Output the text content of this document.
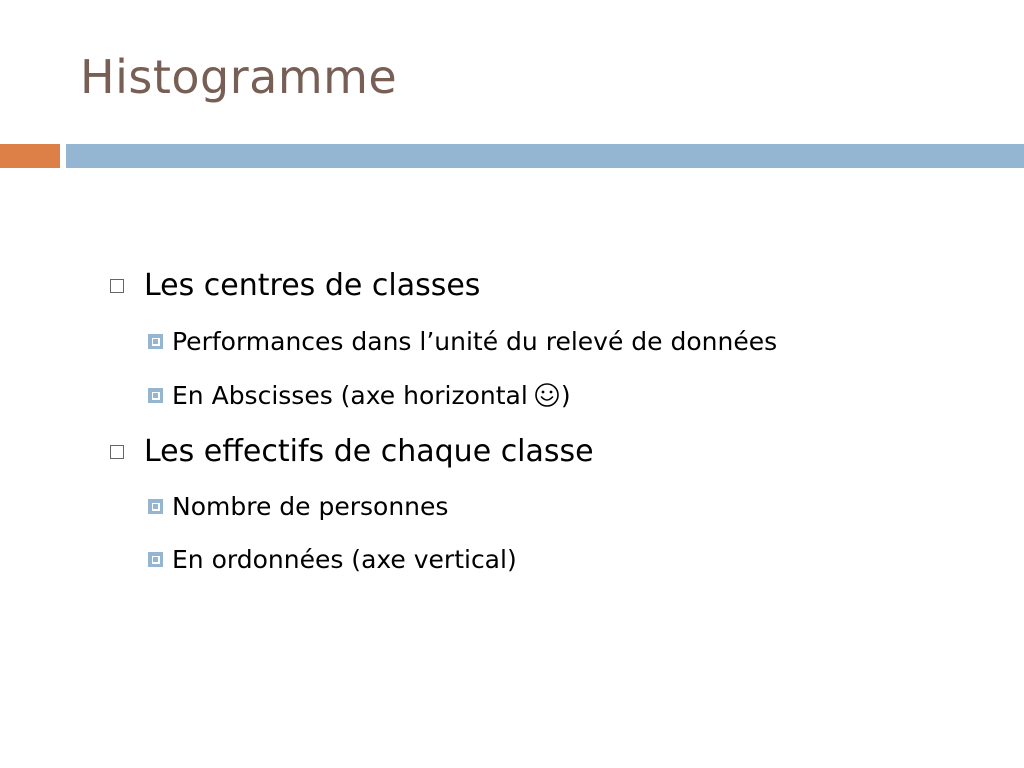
Histogramme
Les centres de classes
Performances dans l’unité du relevé de données
En Abscisses (axe horizontal )
Les effectifs de chaque classe
Nombre de personnes
En ordonnées (axe vertical)
